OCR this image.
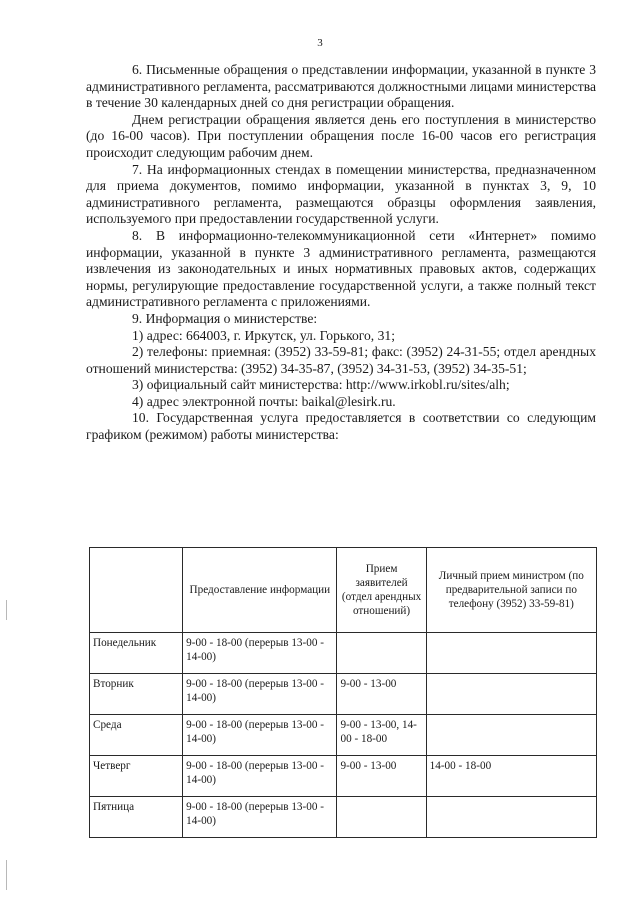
3

6. Письменные обращения о представлении информации, указанной в пункте 3 административного регламента, рассматриваются должностными лицами министерства в течение 30 календарных дней со дня регистрации обращения.

Днем регистрации обращения является день его поступления в министерство (до 16-00 часов). При поступлении обращения после 16-00 часов его регистрация происходит следующим рабочим днем.

7. На информационных стендах в помещении министерства, предназначенном для приема документов, помимо информации, указанной в пунктах 3, 9, 10 административного регламента, размещаются образцы оформления заявления, используемого при предоставлении государственной услуги.

8. В информационно-телекоммуникационной сети «Интернет» помимо информации, указанной в пункте 3 административного регламента, размещаются извлечения из законодательных и иных нормативных правовых актов, содержащих нормы, регулирующие предоставление государственной услуги, а также полный текст административного регламента с приложениями.

9. Информация о министерстве:

1) адрес: 664003, г. Иркутск, ул. Горького, 31;

2) телефоны: приемная: (3952) 33-59-81; факс: (3952) 24-31-55; отдел арендных отношений министерства: (3952) 34-35-87, (3952) 34-31-53, (3952) 34-35-51;

3) официальный сайт министерства: http://www.irkobl.ru/sites/alh;

4) адрес электронной почты: baikal@lesirk.ru.

10. Государственная услуга предоставляется в соответствии со следующим графиком (режимом) работы министерства:

	Предоставление информации	Прием заявителей (отдел арендных отношений)	Личный прием министром (по предварительной записи по телефону (3952) 33-59-81)
Понедельник	9-00 - 18-00 (перерыв 13-00 - 14-00)		
Вторник	9-00 - 18-00 (перерыв 13-00 - 14-00)	9-00 - 13-00	
Среда	9-00 - 18-00 (перерыв 13-00 - 14-00)	9-00 - 13-00, 14-00 - 18-00	
Четверг	9-00 - 18-00 (перерыв 13-00 - 14-00)	9-00 - 13-00	14-00 - 18-00
Пятница	9-00 - 18-00 (перерыв 13-00 - 14-00)		
